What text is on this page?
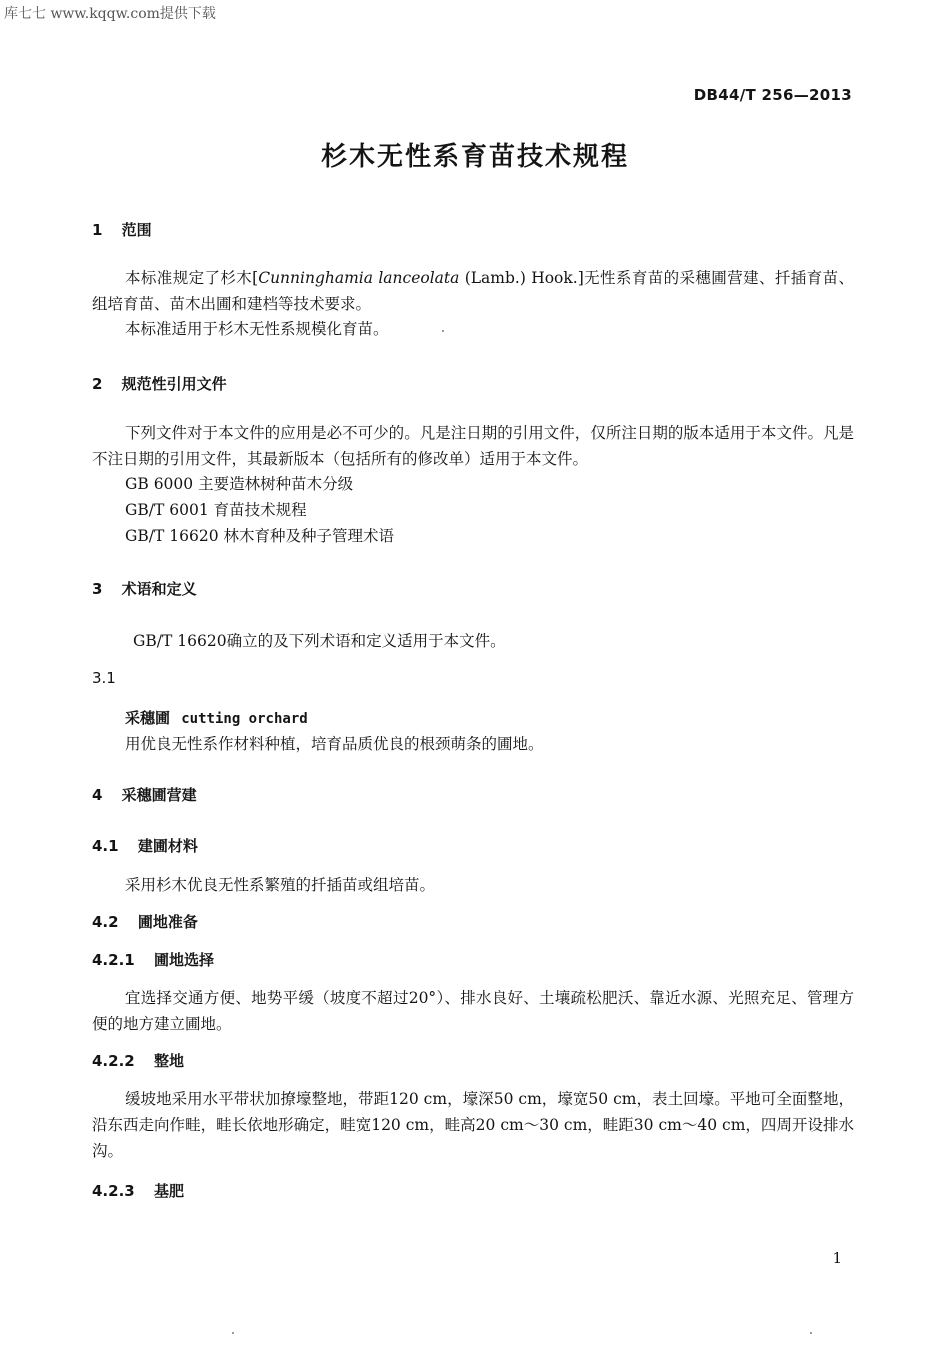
库七七 www.kqqw.com提供下载
DB44/T 256—2013
杉木无性系育苗技术规程
1 范围
本标准规定了杉木[Cunninghamia lanceolata (Lamb.) Hook.]无性系育苗的采穗圃营建、扦插育苗、组培育苗、苗木出圃和建档等技术要求。
本标准适用于杉木无性系规模化育苗。
2 规范性引用文件
下列文件对于本文件的应用是必不可少的。凡是注日期的引用文件，仅所注日期的版本适用于本文件。凡是不注日期的引用文件，其最新版本（包括所有的修改单）适用于本文件。
GB 6000 主要造林树种苗木分级
GB/T 6001 育苗技术规程
GB/T 16620 林木育种及种子管理术语
3 术语和定义
GB/T 16620确立的及下列术语和定义适用于本文件。
3.1
采穗圃 cutting orchard
用优良无性系作材料种植，培育品质优良的根颈萌条的圃地。
4 采穗圃营建
4.1 建圃材料
采用杉木优良无性系繁殖的扦插苗或组培苗。
4.2 圃地准备
4.2.1 圃地选择
宜选择交通方便、地势平缓（坡度不超过20°）、排水良好、土壤疏松肥沃、靠近水源、光照充足、管理方便的地方建立圃地。
4.2.2 整地
缓坡地采用水平带状加撩壕整地，带距120 cm，壕深50 cm，壕宽50 cm，表土回壕。平地可全面整地，沿东西走向作畦，畦长依地形确定，畦宽120 cm，畦高20 cm～30 cm，畦距30 cm～40 cm，四周开设排水沟。
4.2.3 基肥
1
